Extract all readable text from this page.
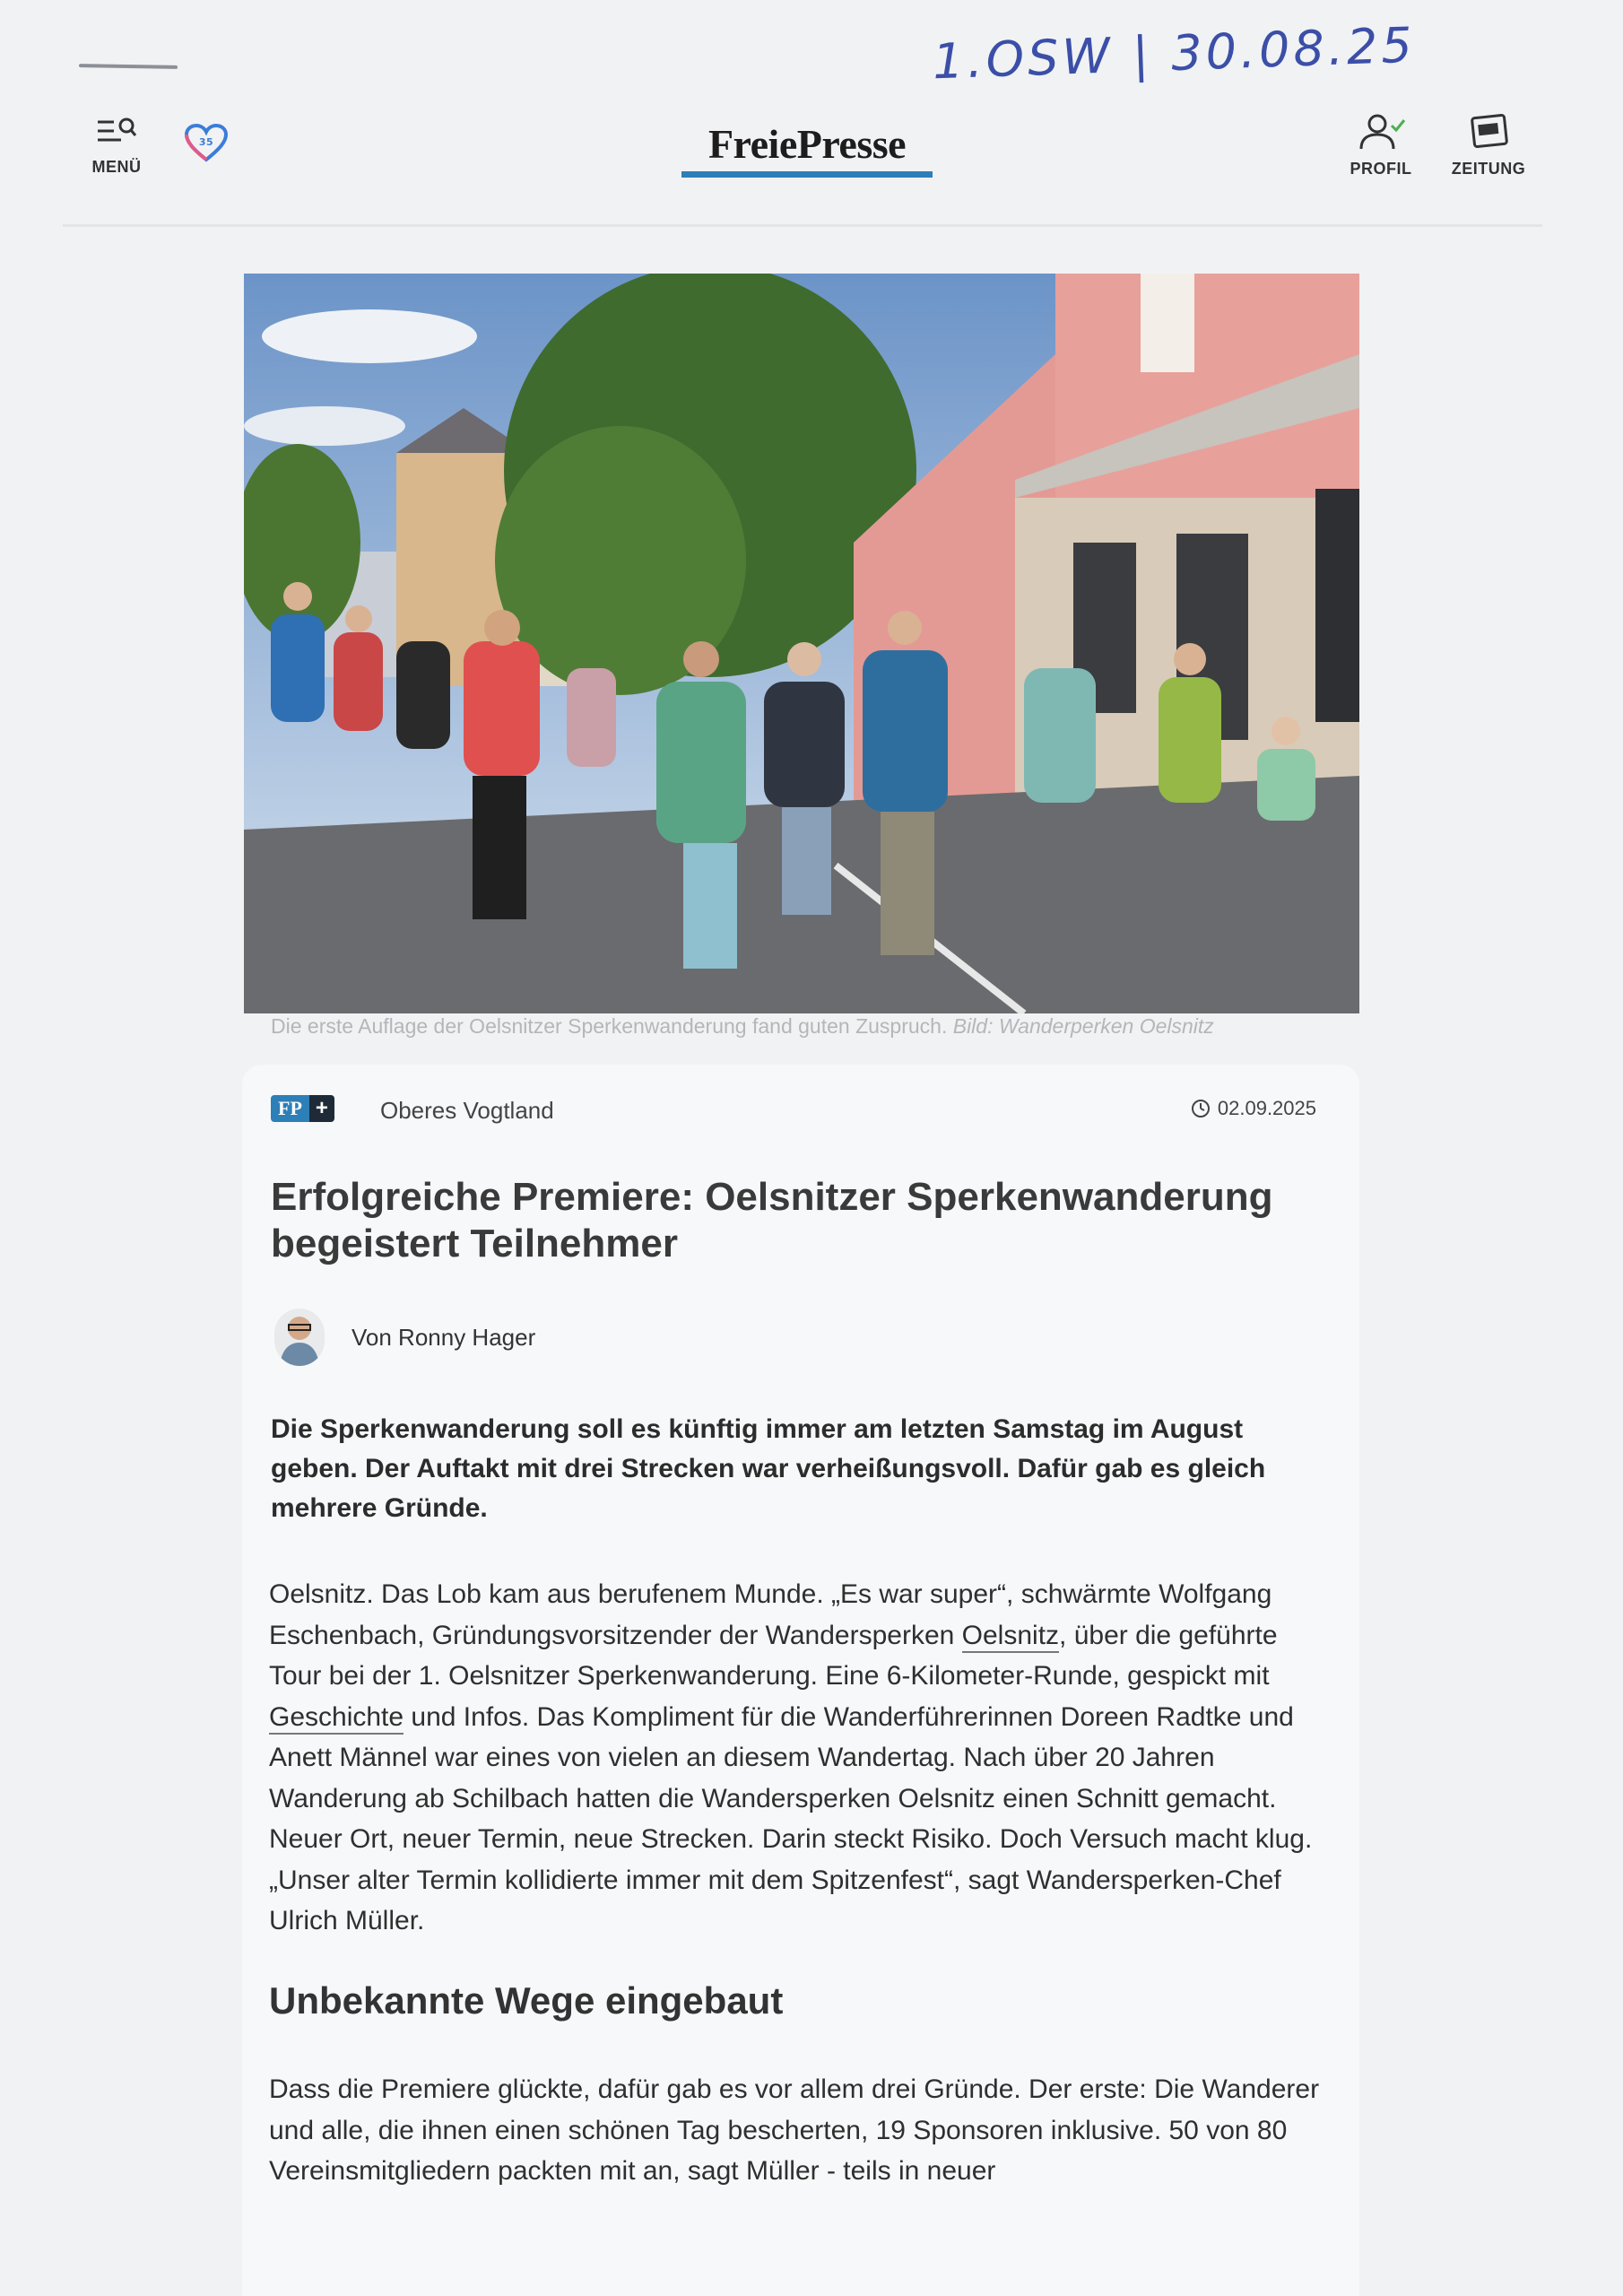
1.OSW | 30.08.25
MENÜ
35	FreiePresse
PROFIL	ZEITUNG
Die erste Auflage der Oelsnitzer Sperkenwanderung fand guten Zuspruch. Bild: Wanderperken Oelsnitz
FP + Oberes Vogtland	02.09.2025
Erfolgreiche Premiere: Oelsnitzer Sperkenwanderung begeistert Teilnehmer
Von Ronny Hager

Die Sperkenwanderung soll es künftig immer am letzten Samstag im August geben. Der Auftakt mit drei Strecken war verheißungsvoll. Dafür gab es gleich mehrere Gründe.

Oelsnitz. Das Lob kam aus berufenem Munde. „Es war super“, schwärmte Wolfgang Eschenbach, Gründungsvorsitzender der Wandersperken Oelsnitz, über die geführte Tour bei der 1. Oelsnitzer Sperkenwanderung. Eine 6-Kilometer-Runde, gespickt mit Geschichte und Infos. Das Kompliment für die Wanderführerinnen Doreen Radtke und Anett Männel war eines von vielen an diesem Wandertag. Nach über 20 Jahren Wanderung ab Schilbach hatten die Wandersperken Oelsnitz einen Schnitt gemacht. Neuer Ort, neuer Termin, neue Strecken. Darin steckt Risiko. Doch Versuch macht klug. „Unser alter Termin kollidierte immer mit dem Spitzenfest“, sagt Wandersperken-Chef Ulrich Müller.

Unbekannte Wege eingebaut

Dass die Premiere glückte, dafür gab es vor allem drei Gründe. Der erste: Die Wanderer und alle, die ihnen einen schönen Tag bescherten, 19 Sponsoren inklusive. 50 von 80 Vereinsmitgliedern packten mit an, sagt Müller - teils in neuer
